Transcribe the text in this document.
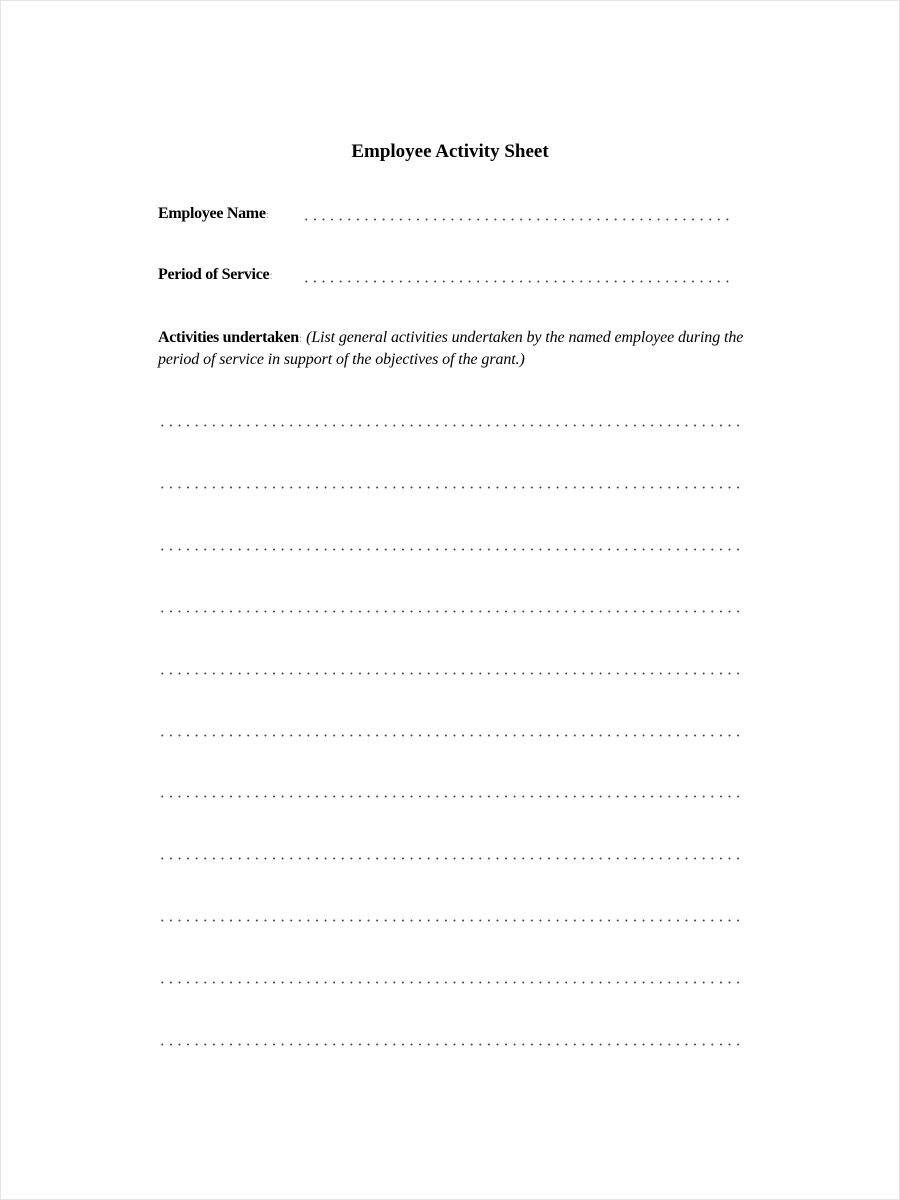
Employee Activity Sheet
Employee Name:
Period of Service:
Activities undertaken: (List general activities undertaken by the named employee during the period of service in support of the objectives of the grant.)
